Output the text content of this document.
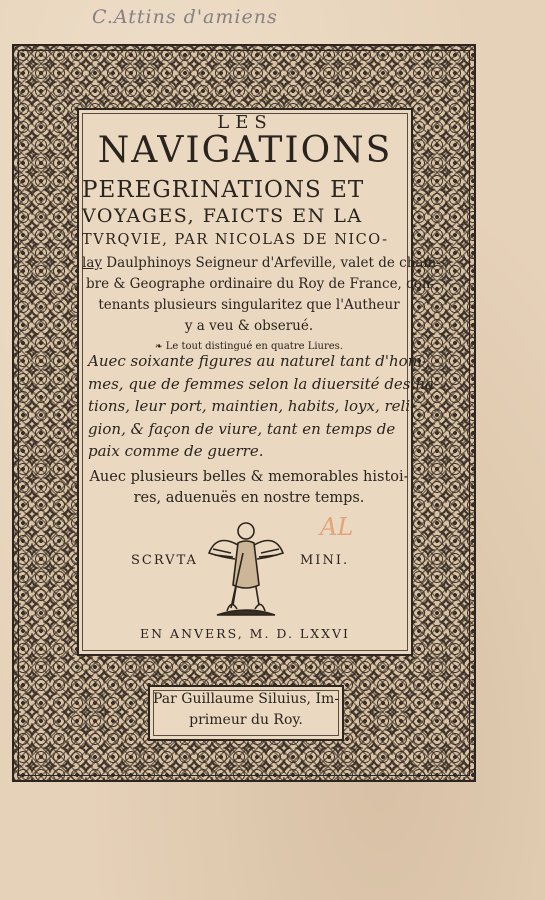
C.Attins d'amiens
LES
NAVIGATIONS
PEREGRINATIONS ET
VOYAGES, FAICTS EN LA
TVRQVIE, PAR NICOLAS DE NICO-
lay Daulphinoys Seigneur d'Arfeville, valet de cham-
bre & Geographe ordinaire du Roy de France, con-
tenants plusieurs singularitez que l'Autheur
y a veu & obserué.
❧ Le tout distingué en quatre Liures.
Auec soixante figures au naturel tant d'hom-
mes, que de femmes selon la diuersité des na-
tions, leur port, maintien, habits, loyx, reli-
gion, & façon de viure, tant en temps de
paix comme de guerre.
Auec plusieurs belles & memorables histoi-
res, aduenuës en nostre temps.
AL
SCRVTA	MINI.
EN ANVERS, M. D. LXXVI
Par Guillaume Siluius, Im-
primeur du Roy.
